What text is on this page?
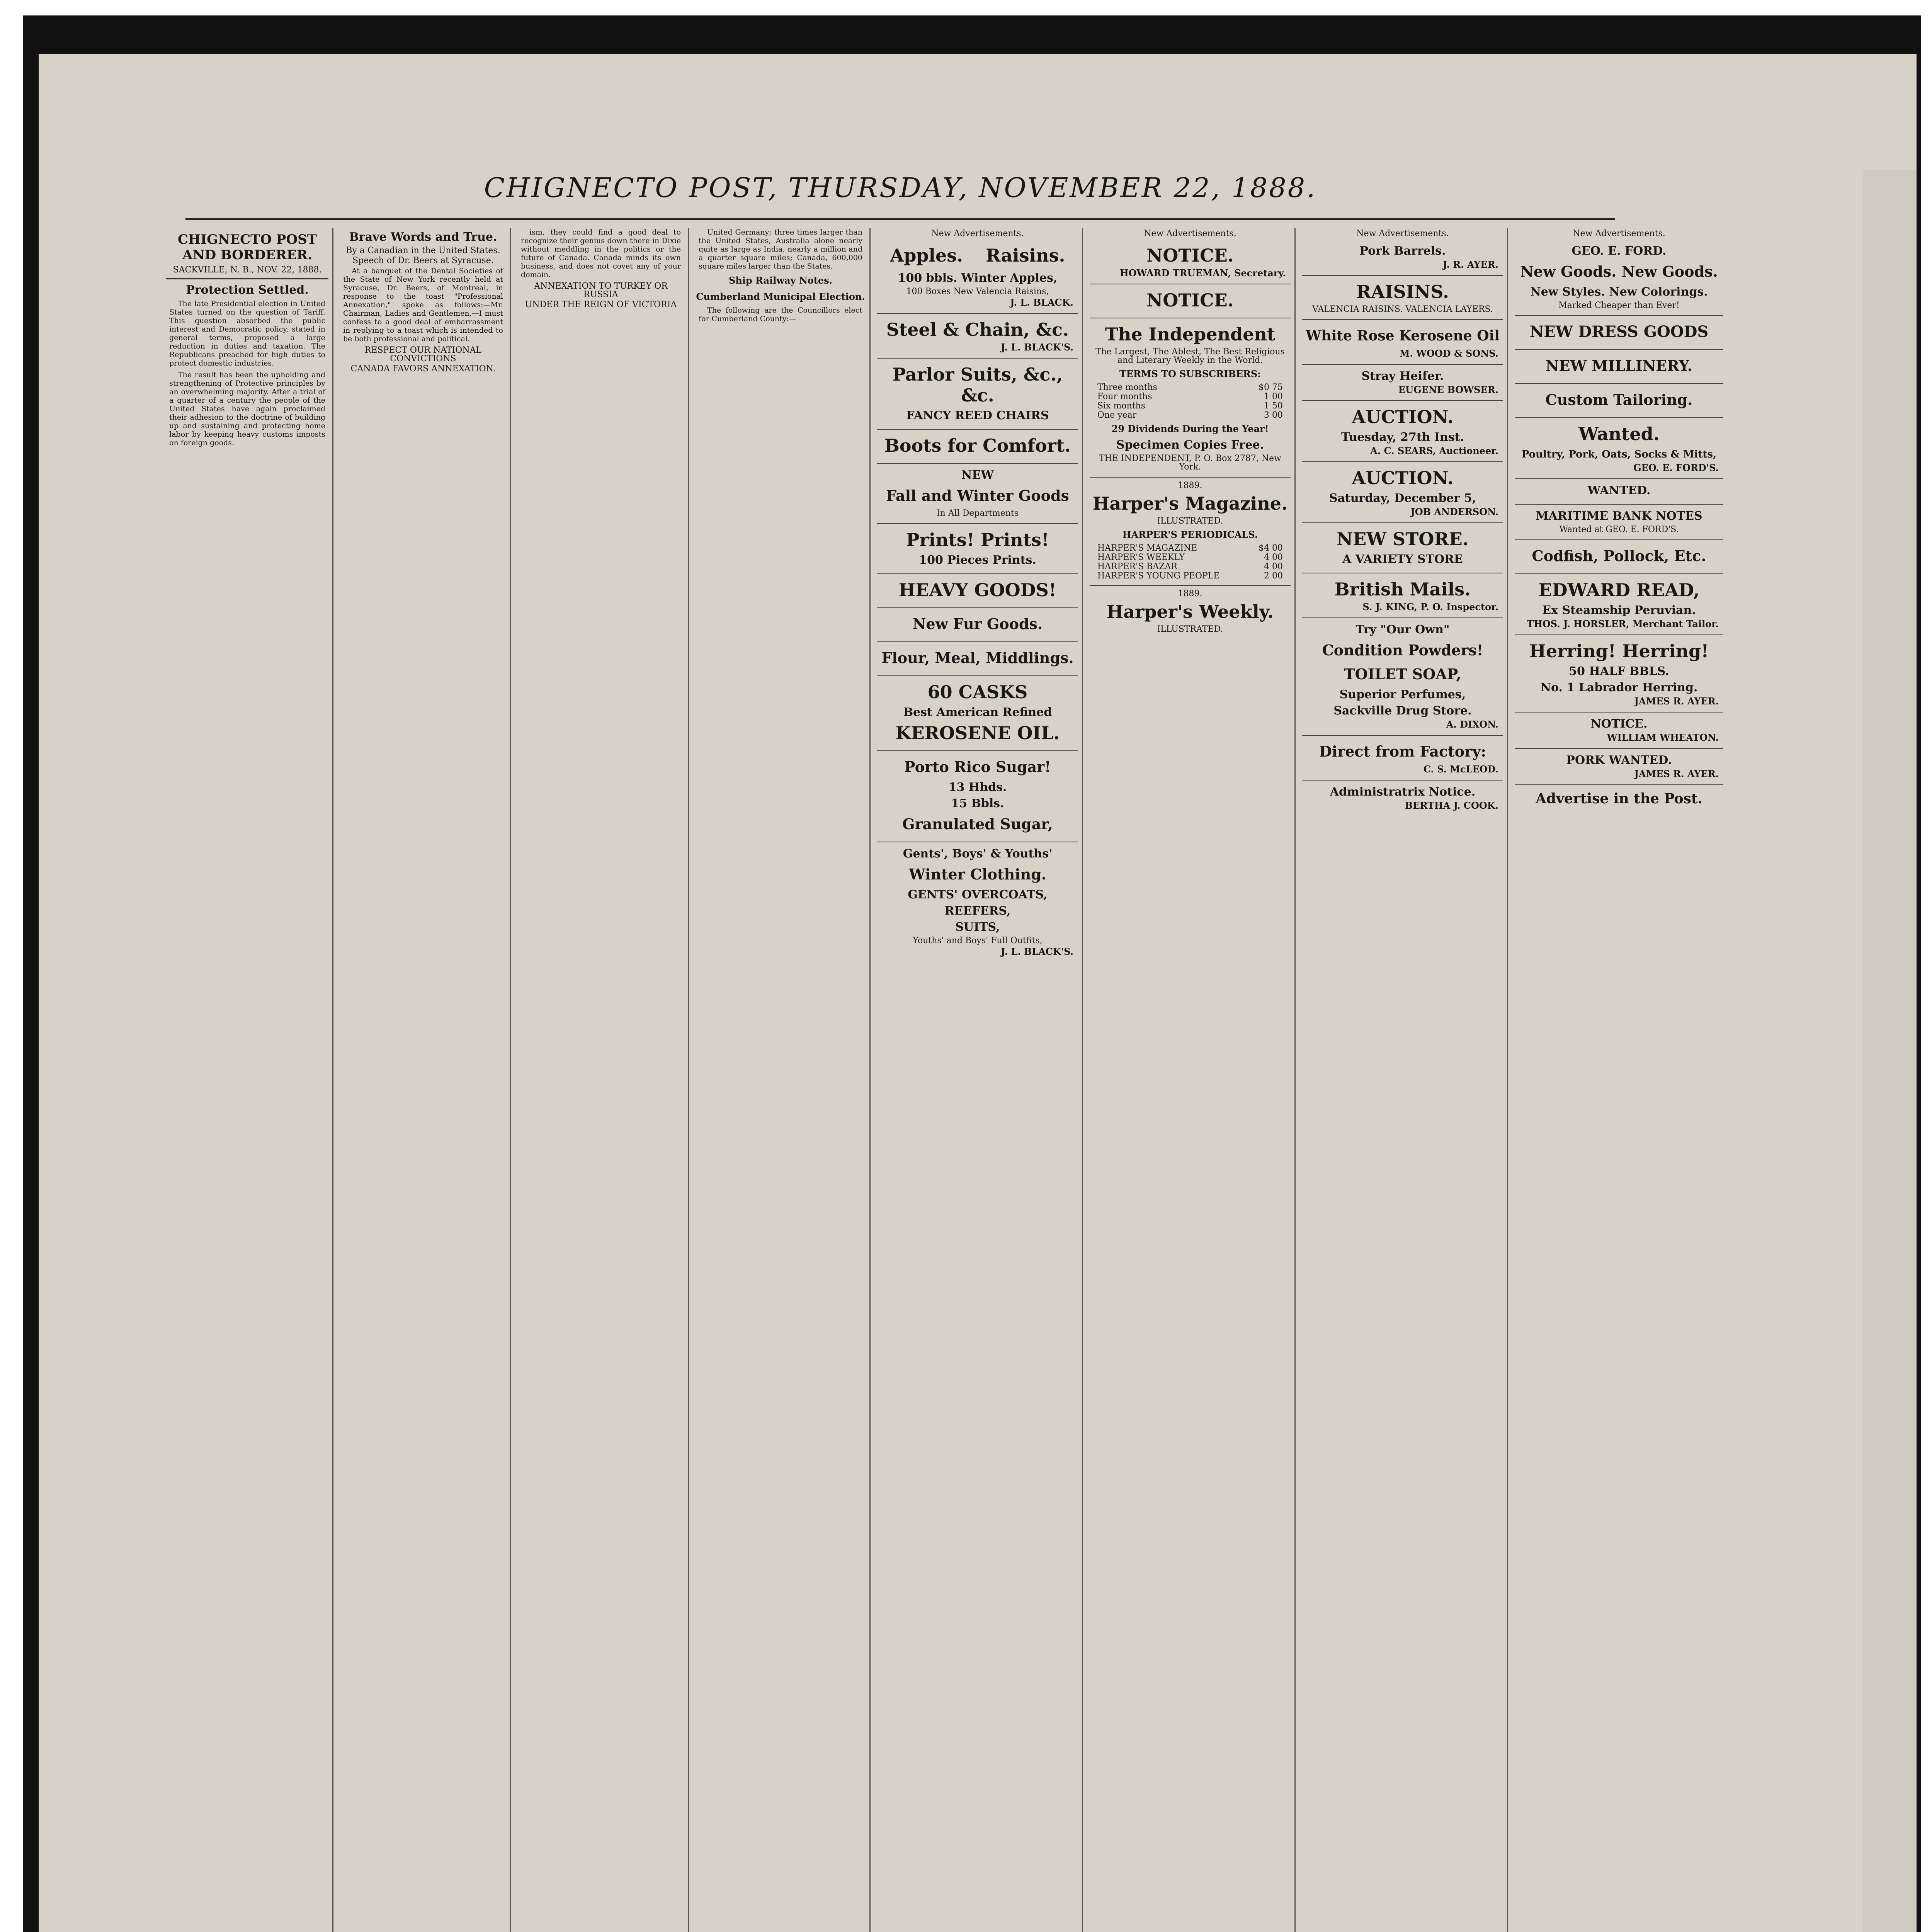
CHIGNECTO POST, THURSDAY, NOVEMBER 22, 1888.
CHIGNECTO POST AND BORDERER.
SACKVILLE, N. B., NOV. 22, 1888.
Protection Settled.

The late Presidential election in United States turned on the question of Tariff. This question absorbed the public interest and Democratic policy, stated in general terms, proposed a large reduction in duties and taxation. The Republicans preached for high duties to protect domestic industries.

The result has been the upholding and strengthening of Protective principles by an overwhelming majority. After a trial of a quarter of a century the people of the United States have again proclaimed their adhesion to the doctrine of building up and sustaining and protecting home labor by keeping heavy customs imposts on foreign goods.

Brave Words and True.
By a Canadian in the United States.
Speech of Dr. Beers at Syracuse.

At a banquet of the Dental Societies of the State of New York recently held at Syracuse, Dr. Beers, of Montreal, in response to the toast "Professional Annexation," spoke as follows:—Mr. Chairman, Ladies and Gentlemen,—I must confess to a good deal of embarrassment in replying to a toast which is intended to be both professional and political.

RESPECT OUR NATIONAL CONVICTIONS
CANADA FAVORS ANNEXATION.

ism, they could find a good deal to recognize their genius down there in Dixie without meddling in the politics or the future of Canada. Canada minds its own business, and does not covet any of your domain.

ANNEXATION TO TURKEY OR RUSSIA
UNDER THE REIGN OF VICTORIA

United Germany; three times larger than the United States, Australia alone nearly quite as large as India, nearly a million and a quarter square miles; Canada, 600,000 square miles larger than the States.

Ship Railway Notes.
Cumberland Municipal Election.

The following are the Councillors elect for Cumberland County:—

New Advertisements.
Apples. Raisins.
100 bbls. Winter Apples,
100 Boxes New Valencia Raisins,
J. L. BLACK.
Steel & Chain, &c.
J. L. BLACK'S.
Parlor Suits, &c., &c.
FANCY REED CHAIRS
Boots for Comfort.
NEW
Fall and Winter Goods
In All Departments
Prints! Prints!
100 Pieces Prints.
HEAVY GOODS!
New Fur Goods.
Flour, Meal, Middlings.
60 CASKS
Best American Refined
KEROSENE OIL.
Porto Rico Sugar!
13 Hhds.
15 Bbls.
Granulated Sugar,
Gents', Boys' & Youths'
Winter Clothing.
GENTS' OVERCOATS,
REEFERS,
SUITS,
Youths' and Boys' Full Outfits,
J. L. BLACK'S.
New Advertisements.
NOTICE.
HOWARD TRUEMAN, Secretary.
NOTICE.
The Independent
The Largest, The Ablest, The Best Religious and Literary Weekly in the World.
TERMS TO SUBSCRIBERS:
Three months	$0 75
Four months	1 00
Six months	1 50
One year	3 00
29 Dividends During the Year!
Specimen Copies Free.
THE INDEPENDENT, P. O. Box 2787, New York.
1889.
Harper's Magazine.
ILLUSTRATED.
HARPER'S PERIODICALS.
HARPER'S MAGAZINE	$4 00
HARPER'S WEEKLY	4 00
HARPER'S BAZAR	4 00
HARPER'S YOUNG PEOPLE	2 00
1889.
Harper's Weekly.
ILLUSTRATED.
New Advertisements.
Pork Barrels.
J. R. AYER.
RAISINS.
VALENCIA RAISINS. VALENCIA LAYERS.
White Rose Kerosene Oil
M. WOOD & SONS.
Stray Heifer.
EUGENE BOWSER.
AUCTION.
Tuesday, 27th Inst.
A. C. SEARS, Auctioneer.
AUCTION.
Saturday, December 5,
JOB ANDERSON.
NEW STORE.
A VARIETY STORE
British Mails.
S. J. KING, P. O. Inspector.
Try "Our Own"
Condition Powders!
TOILET SOAP,
Superior Perfumes,
Sackville Drug Store.
A. DIXON.
Direct from Factory:
C. S. McLEOD.
Administratrix Notice.
BERTHA J. COOK.
New Advertisements.
GEO. E. FORD.
New Goods. New Goods.
New Styles. New Colorings.
Marked Cheaper than Ever!
NEW DRESS GOODS
NEW MILLINERY.
Custom Tailoring.
Wanted.
Poultry, Pork, Oats, Socks & Mitts,
GEO. E. FORD'S.
WANTED.
MARITIME BANK NOTES
Wanted at GEO. E. FORD'S.
Codfish, Pollock, Etc.
EDWARD READ,
Ex Steamship Peruvian.
THOS. J. HORSLER, Merchant Tailor.
Herring! Herring!
50 HALF BBLS.
No. 1 Labrador Herring.
JAMES R. AYER.
NOTICE.
WILLIAM WHEATON.
PORK WANTED.
JAMES R. AYER.
Advertise in the Post.
